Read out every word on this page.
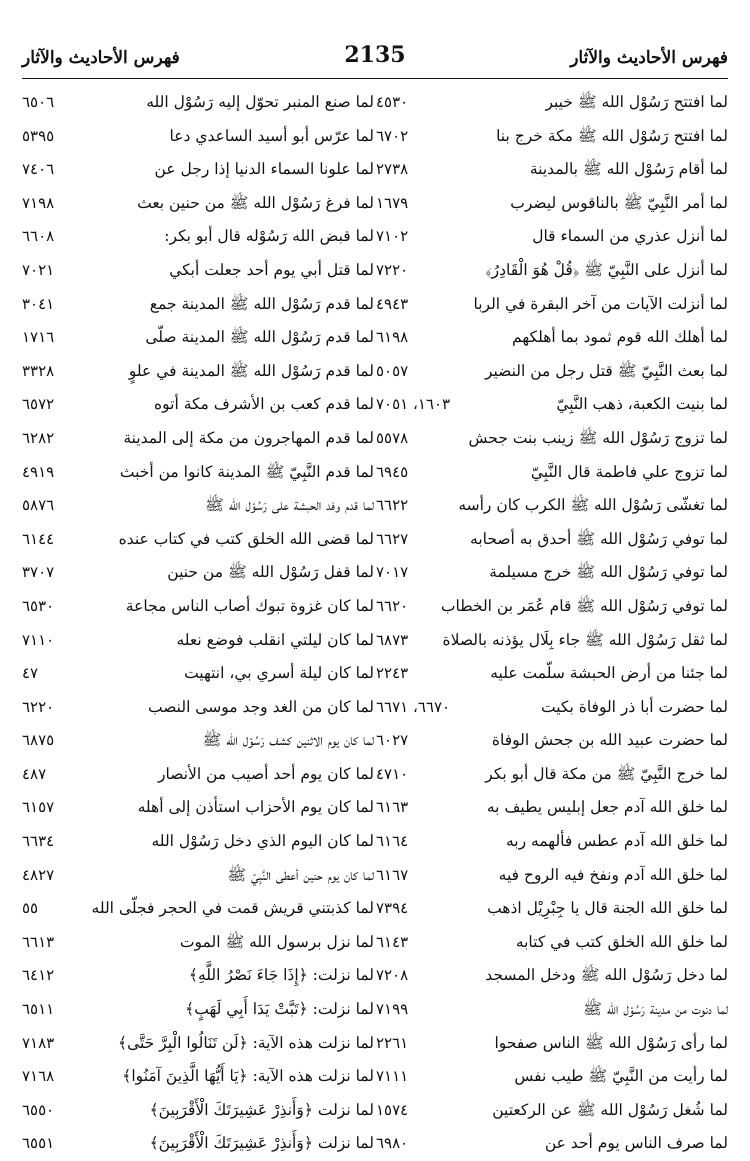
فهرس الأحاديث والآثار
2135
فهرس الأحاديث والآثار
لما افتتح رَسُوْل الله ﷺ خيبر
٤٥٣٠
لما افتتح رَسُوْل الله ﷺ مكة خرج بنا
٦٧٠٢
لما أقام رَسُوْل الله ﷺ بالمدينة
٢٧٣٨
لما أمر النَّبِيّ ﷺ بالناقوس ليضرب
١٦٧٩
لما أنزل عذري من السماء قال
٧١٠٢
لما أنزل على النَّبِيّ ﷺ ﴿قُلْ هُوَ الْقَادِرُ﴾
٧٢٢٠
لما أنزلت الآيات من آخر البقرة في الربا
٤٩٤٣
لما أهلك الله قوم ثمود بما أهلكهم
٦١٩٨
لما بعث النَّبِيّ ﷺ قتل رجل من النضير
٥٠٥٧
لما بنيت الكعبة، ذهب النَّبِيّ
١٦٠٣، ٧٠٥١
لما تزوج رَسُوْل الله ﷺ زينب بنت جحش
٥٥٧٨
لما تزوج علي فاطمة قال النَّبِيّ
٦٩٤٥
لما تغشّى رَسُوْل الله ﷺ الكرب كان رأسه
٦٦٢٢
لما توفي رَسُوْل الله ﷺ أحدق به أصحابه
٦٦٢٧
لما توفي رَسُوْل الله ﷺ خرج مسيلمة
٧٠١٧
لما توفي رَسُوْل الله ﷺ قام عُمَر بن الخطاب
٦٦٢٠
لما ثقل رَسُوْل الله ﷺ جاء بِلَال يؤذنه بالصلاة
٦٨٧٣
لما جئنا من أرض الحبشة سلّمت عليه
٢٢٤٣
لما حضرت أبا ذر الوفاة بكيت
٦٦٧٠، ٦٦٧١
لما حضرت عبيد الله بن جحش الوفاة
٦٠٢٧
لما خرج النَّبِيّ ﷺ من مكة قال أبو بكر
٤٧١٠
لما خلق الله آدم جعل إبليس يطيف به
٦١٦٣
لما خلق الله آدم عطس فألهمه ربه
٦١٦٤
لما خلق الله آدم ونفخ فيه الروح فيه
٦١٦٧
لما خلق الله الجنة قال يا جِبْرِيْل اذهب
٧٣٩٤
لما خلق الله الخلق كتب في كتابه
٦١٤٣
لما دخل رَسُوْل الله ﷺ ودخل المسجد
٧٢٠٨
لما دنوت من مدينة رَسُوْل الله ﷺ
٧١٩٩
لما رأى رَسُوْل الله ﷺ الناس صفحوا
٢٢٦١
لما رأيت من النَّبِيّ ﷺ طيب نفس
٧١١١
لما شُغل رَسُوْل الله ﷺ عن الركعتين
١٥٧٤
لما صرف الناس يوم أحد عن
٦٩٨٠
لما صنع المنبر تحوّل إليه رَسُوْل الله
٦٥٠٦
لما عرّس أبو أسيد الساعدي دعا
٥٣٩٥
لما علونا السماء الدنيا إذا رجل عن
٧٤٠٦
لما فرغ رَسُوْل الله ﷺ من حنين بعث
٧١٩٨
لما قبض الله رَسُوْله قال أبو بكر:
٦٦٠٨
لما قتل أبي يوم أحد جعلت أبكي
٧٠٢١
لما قدم رَسُوْل الله ﷺ المدينة جمع
٣٠٤١
لما قدم رَسُوْل الله ﷺ المدينة صلّى
١٧١٦
لما قدم رَسُوْل الله ﷺ المدينة في علوٍ
٣٣٢٨
لما قدم كعب بن الأشرف مكة أتوه
٦٥٧٢
لما قدم المهاجرون من مكة إلى المدينة
٦٢٨٢
لما قدم النَّبِيّ ﷺ المدينة كانوا من أخبث
٤٩١٩
لما قدم وفد الحبشة على رَسُوْل الله ﷺ
٥٨٧٦
لما قضى الله الخلق كتب في كتاب عنده
٦١٤٤
لما قفل رَسُوْل الله ﷺ من حنين
٣٧٠٧
لما كان غزوة تبوك أصاب الناس مجاعة
٦٥٣٠
لما كان ليلتي انقلب فوضع نعله
٧١١٠
لما كان ليلة أسري بي، انتهيت
٤٧
لما كان من الغد وجد موسى النصب
٦٢٢٠
لما كان يوم الاثنين كشف رَسُوْل الله ﷺ
٦٨٧٥
لما كان يوم أحد أصيب من الأنصار
٤٨٧
لما كان يوم الأحزاب استأذن إلى أهله
٦١٥٧
لما كان اليوم الذي دخل رَسُوْل الله
٦٦٣٤
لما كان يوم حنين أعطى النَّبِيّ ﷺ
٤٨٢٧
لما كذبتني قريش قمت في الحجر فجلّى الله
٥٥
لما نزل برسول الله ﷺ الموت
٦٦١٣
لما نزلت: ﴿إِذَا جَاءَ نَصْرُ اللَّهِ﴾
٦٤١٢
لما نزلت: ﴿تَبَّتْ يَدَا أَبِي لَهَبٍ﴾
٦٥١١
لما نزلت هذه الآية: ﴿لَن تَنَالُوا الْبِرَّ حَتَّى﴾
٧١٨٣
لما نزلت هذه الآية: ﴿يَا أَيُّهَا الَّذِينَ آمَنُوا﴾
٧١٦٨
لما نزلت ﴿وَأَنذِرْ عَشِيرَتَكَ الْأَقْرَبِينَ﴾
٦٥٥٠
لما نزلت ﴿وَأَنذِرْ عَشِيرَتَكَ الْأَقْرَبِينَ﴾
٦٥٥١
